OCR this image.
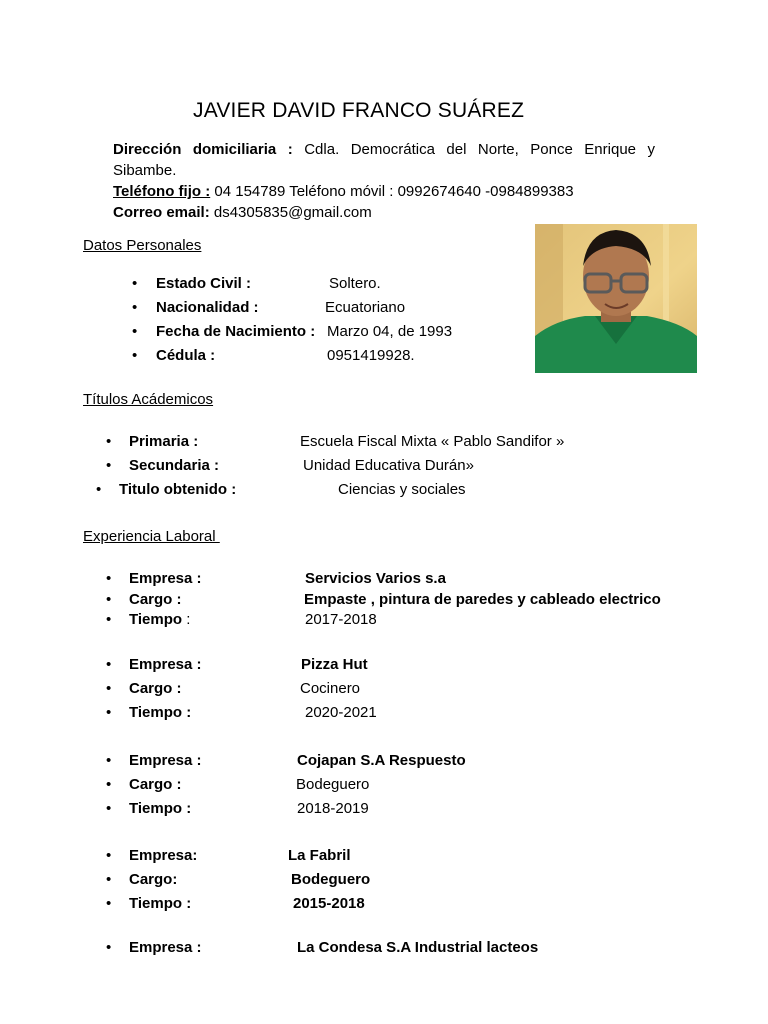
JAVIER DAVID FRANCO SUÁREZ
Dirección domiciliaria : Cdla. Democrática del Norte, Ponce Enrique y Sibambe.
Teléfono fijo : 04 154789 Teléfono móvil : 0992674640 -0984899383
Correo email: ds4305835@gmail.com
Datos Personales
• Estado Civil :	Soltero.
• Nacionalidad :	Ecuatoriano
• Fecha de Nacimiento : Marzo 04, de 1993
• Cédula :	0951419928.
Títulos Acádemicos
• Primaria :	Escuela Fiscal Mixta « Pablo Sandifor »
• Secundaria :	Unidad Educativa Durán»
• Titulo obtenido :	Ciencias y sociales
Experiencia Laboral
• Empresa :	Servicios Varios s.a
• Cargo :	Empaste , pintura de paredes y cableado electrico
• Tiempo :	2017-2018
• Empresa :	Pizza Hut
• Cargo :	Cocinero
• Tiempo :	2020-2021
• Empresa :	Cojapan S.A Respuesto
• Cargo :	Bodeguero
• Tiempo :	2018-2019
• Empresa:	La Fabril
• Cargo:	Bodeguero
• Tiempo :	2015-2018
• Empresa :	La Condesa S.A Industrial lacteos
